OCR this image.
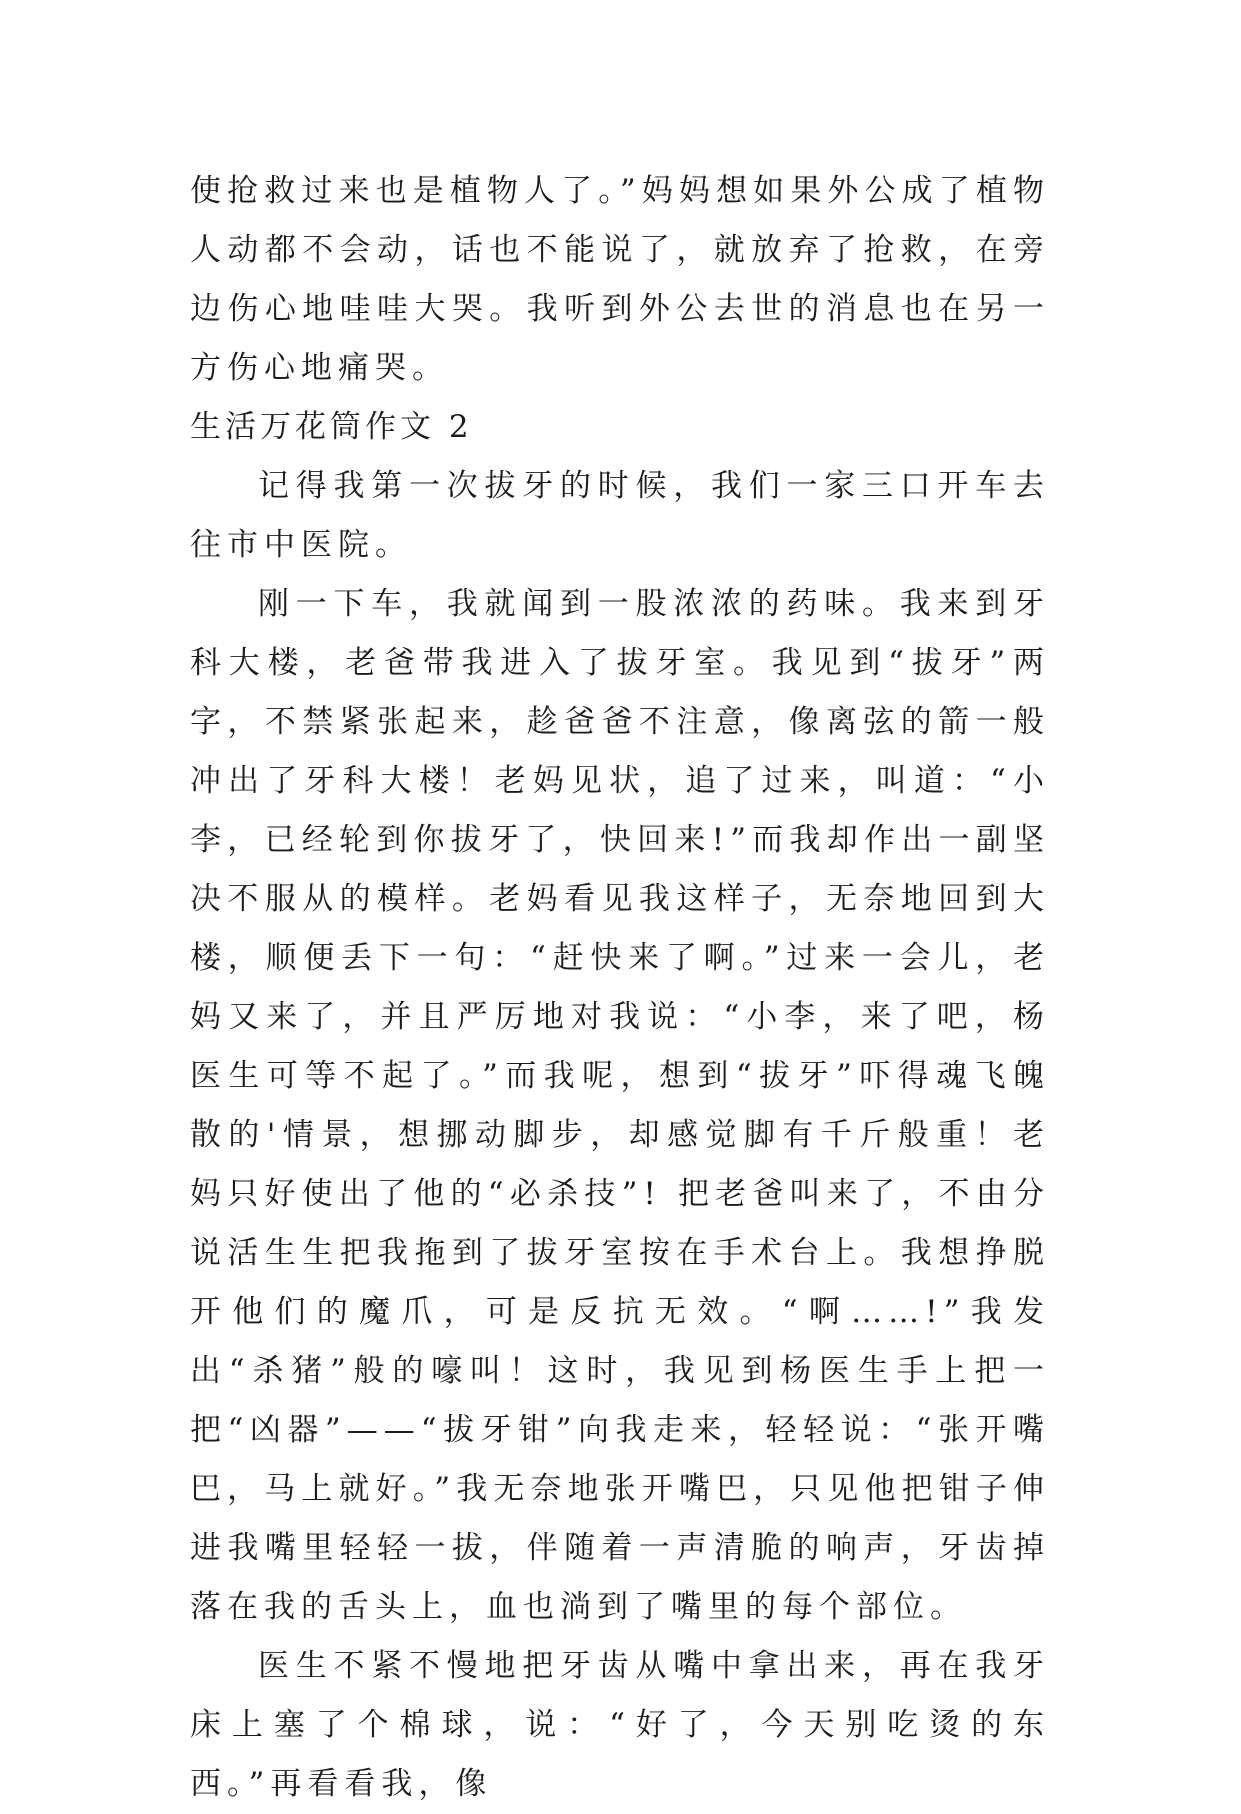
使抢救过来也是植物人了。”妈妈想如果外公成了植物人动都不会动，话也不能说了，就放弃了抢救，在旁边伤心地哇哇大哭。我听到外公去世的消息也在另一方伤心地痛哭。

生活万花筒作文 2

记得我第一次拔牙的时候，我们一家三口开车去往市中医院。

刚一下车，我就闻到一股浓浓的药味。我来到牙科大楼，老爸带我进入了拔牙室。我见到“拔牙”两字，不禁紧张起来，趁爸爸不注意，像离弦的箭一般冲出了牙科大楼！老妈见状，追了过来，叫道：“小李，已经轮到你拔牙了，快回来!”而我却作出一副坚决不服从的模样。老妈看见我这样子，无奈地回到大楼，顺便丢下一句：“赶快来了啊。”过来一会儿，老妈又来了，并且严厉地对我说：“小李，来了吧，杨医生可等不起了。”而我呢，想到“拔牙”吓得魂飞魄散的'情景，想挪动脚步，却感觉脚有千斤般重！老妈只好使出了他的“必杀技”! 把老爸叫来了，不由分说活生生把我拖到了拔牙室按在手术台上。我想挣脱开他们的魔爪，可是反抗无效。“啊……!”我发出“杀猪”般的嚎叫！这时，我见到杨医生手上把一把“凶器”——“拔牙钳”向我走来，轻轻说：“张开嘴巴，马上就好。”我无奈地张开嘴巴，只见他把钳子伸进我嘴里轻轻一拔，伴随着一声清脆的响声，牙齿掉落在我的舌头上，血也淌到了嘴里的每个部位。

医生不紧不慢地把牙齿从嘴中拿出来，再在我牙床上塞了个棉球，说：“好了，今天别吃烫的东西。”再看看我，像
